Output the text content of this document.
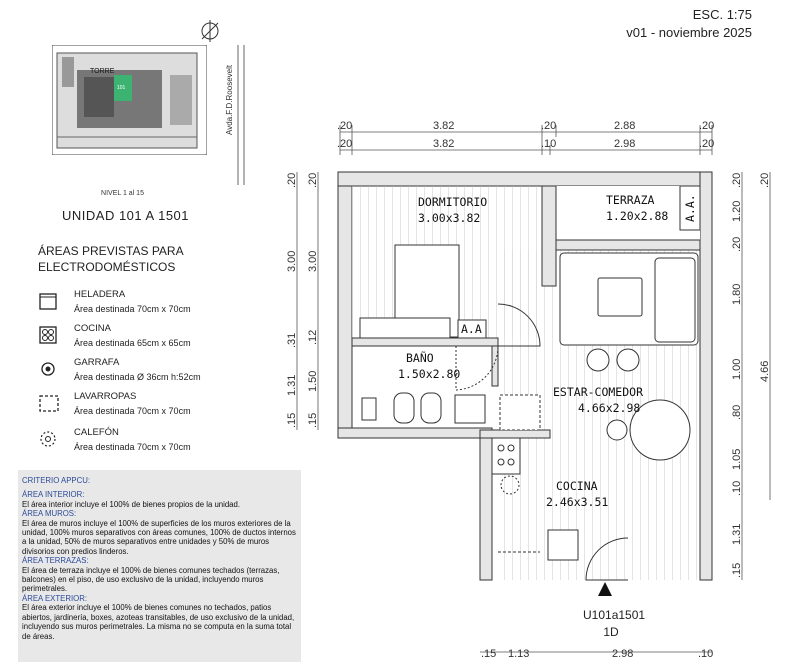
ESC. 1:75
v01 - noviembre 2025
TORRE
101	Avda.F.D.Roosevelt
NIVEL 1 al 15
UNIDAD 101 A 1501
ÁREAS PREVISTAS PARA ELECTRODOMÉSTICOS
HELADERA
Área destinada 70cm x 70cm
COCINA
Área destinada 65cm x 65cm
GARRAFA
Área destinada Ø 36cm h:52cm
LAVARROPAS
Área destinada 70cm x 70cm
CALEFÓN
Área destinada 70cm x 70cm
CRITERIO APPCU:
ÁREA INTERIOR:
El área interior incluye el 100% de bienes propios de la unidad.
ÁREA MUROS:
El área de muros incluye el 100% de superficies de los muros exteriores de la unidad, 100% muros separativos con áreas comunes, 100% de ductos internos a la unidad, 50% de muros separativos entre unidades y 50% de muros divisorios con predios linderos.
ÁREA TERRAZAS:
El área de terraza incluye el 100% de bienes comunes techados (terrazas, balcones) en el piso, de uso exclusivo de la unidad, incluyendo muros perimetrales.
ÁREA EXTERIOR:
El área exterior incluye el 100% de bienes comunes no techados, patios abiertos, jardinería, boxes, azoteas transitables, de uso exclusivo de la unidad, incluyendo sus muros perimetrales. La misma no se computa en la suma total de áreas.
.20	3.82	.20	2.88	.20
.20	3.82	.10	2.98	.20
.20
3.00
.31
1.31
.15
.20
3.00
.12
1.50
.15
.20
1.20
.20
1.80
1.00
.80
1.05
.10
1.31
.15
.20
4.66
.15 1.13	2.98	.10
A.A
A.A.
DORMITORIO
3.00x3.82
TERRAZA
1.20x2.88
BAÑO
1.50x2.80
ESTAR-COMEDOR
4.66x2.98
COCINA
2.46x3.51
U101a1501
1D
